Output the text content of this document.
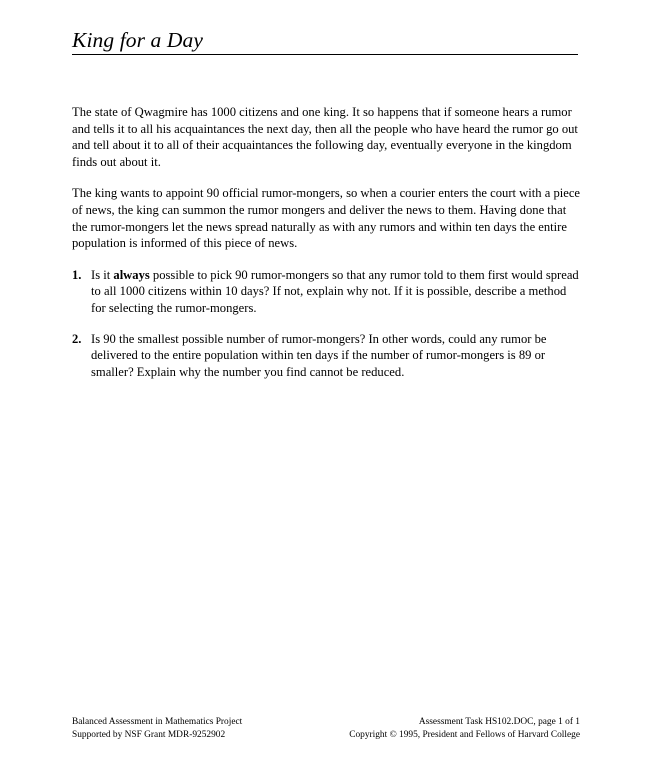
King for a Day

The state of Qwagmire has 1000 citizens and one king. It so happens that if someone hears a rumor and tells it to all his acquaintances the next day, then all the people who have heard the rumor go out and tell about it to all of their acquaintances the following day, eventually everyone in the kingdom finds out about it.

The king wants to appoint 90 official rumor-mongers, so when a courier enters the court with a piece of news, the king can summon the rumor mongers and deliver the news to them. Having done that the rumor-mongers let the news spread naturally as with any rumors and within ten days the entire population is informed of this piece of news.

1. Is it always possible to pick 90 rumor-mongers so that any rumor told to them first would spread to all 1000 citizens within 10 days? If not, explain why not. If it is possible, describe a method for selecting the rumor-mongers.
2. Is 90 the smallest possible number of rumor-mongers? In other words, could any rumor be delivered to the entire population within ten days if the number of rumor-mongers is 89 or smaller? Explain why the number you find cannot be reduced.
Balanced Assessment in Mathematics Project
Supported by NSF Grant MDR-9252902
Assessment Task HS102.DOC, page 1 of 1
Copyright © 1995, President and Fellows of Harvard College
